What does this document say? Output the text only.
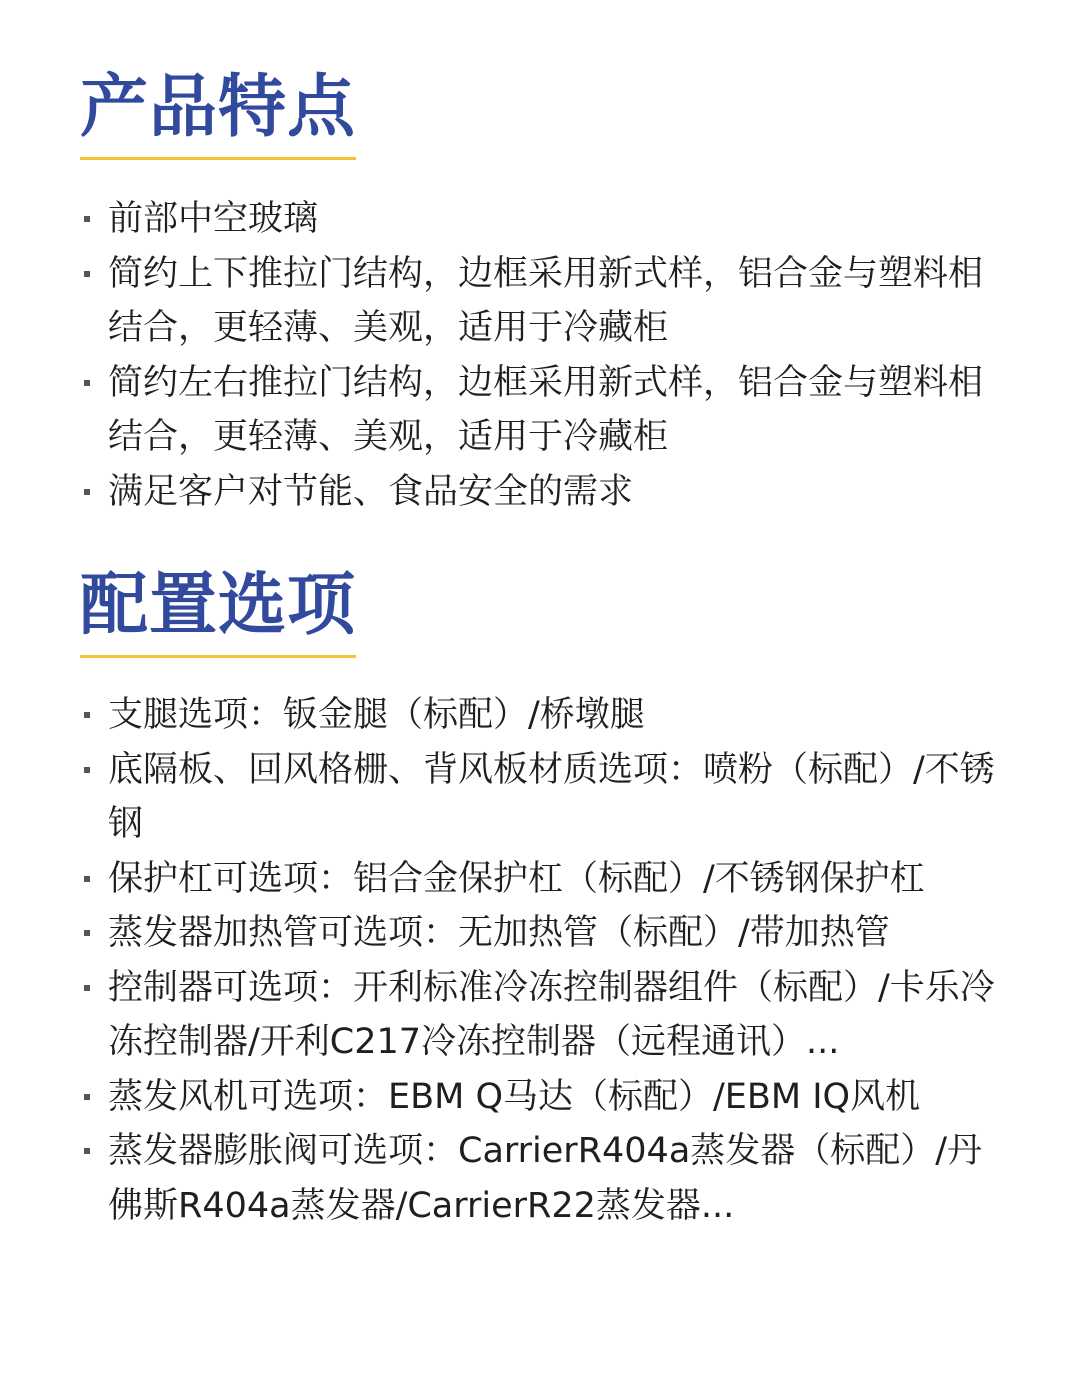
产品特点
前部中空玻璃
简约上下推拉门结构，边框采用新式样，铝合金与塑料相结合，更轻薄、美观，适用于冷藏柜
简约左右推拉门结构，边框采用新式样，铝合金与塑料相结合，更轻薄、美观，适用于冷藏柜
满足客户对节能、食品安全的需求
配置选项
支腿选项：钣金腿（标配）/桥墩腿
底隔板、回风格栅、背风板材质选项：喷粉（标配）/不锈钢
保护杠可选项：铝合金保护杠（标配）/不锈钢保护杠
蒸发器加热管可选项：无加热管（标配）/带加热管
控制器可选项：开利标准冷冻控制器组件（标配）/卡乐冷冻控制器/开利C217冷冻控制器（远程通讯）...
蒸发风机可选项：EBM Q马达（标配）/EBM IQ风机
蒸发器膨胀阀可选项：CarrierR404a蒸发器（标配）/丹佛斯R404a蒸发器/CarrierR22蒸发器...
